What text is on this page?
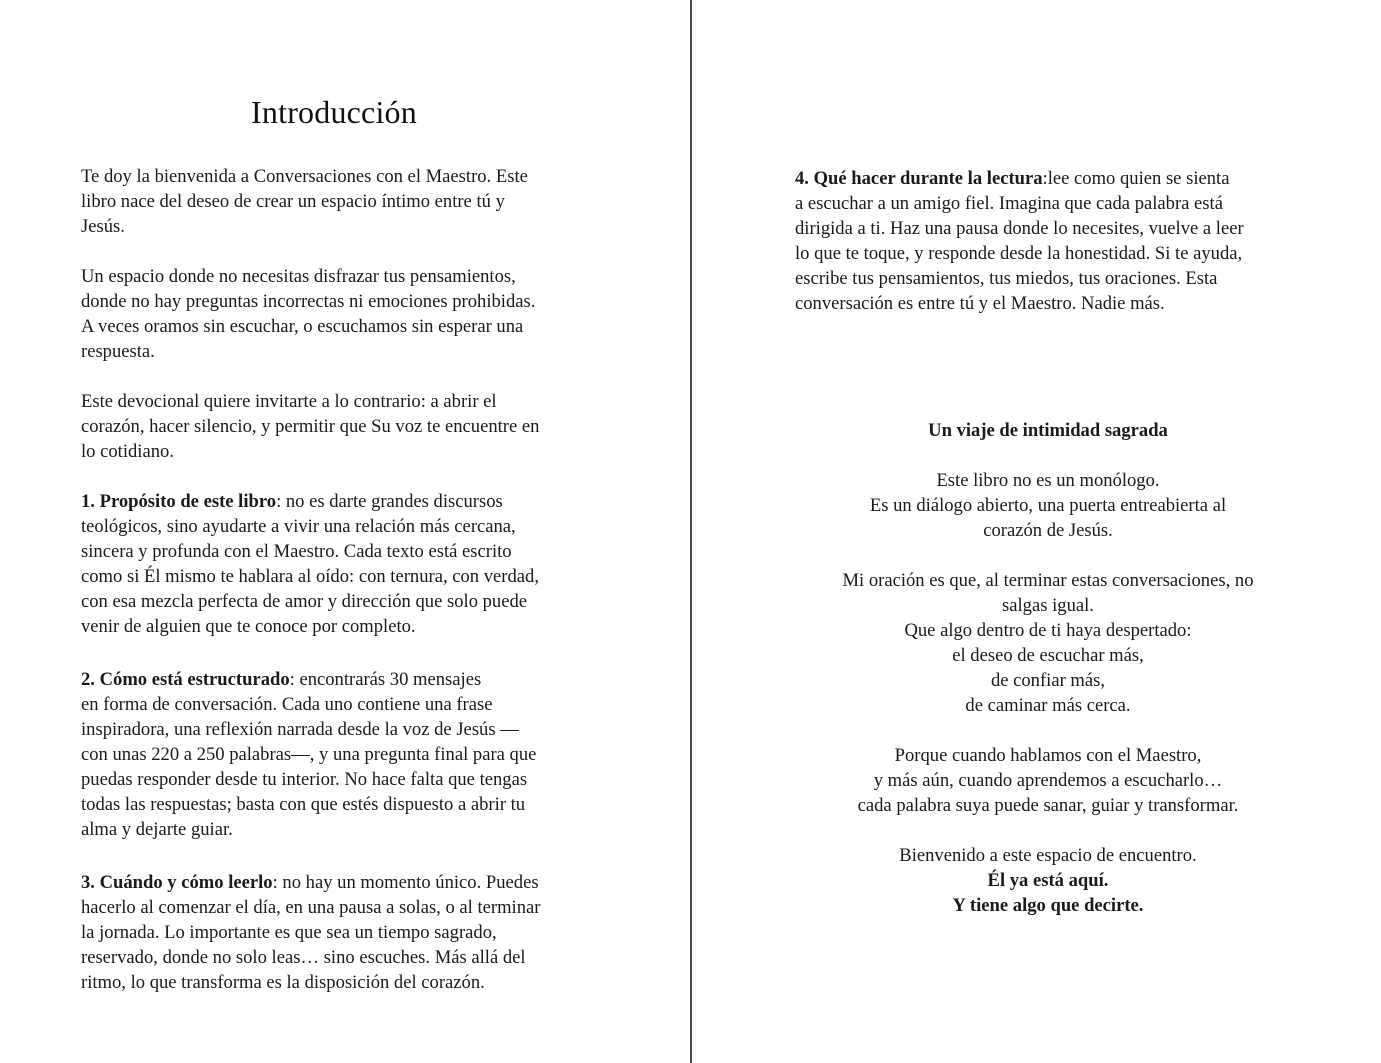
Introducción
Te doy la bienvenida a Conversaciones con el Maestro. Este
libro nace del deseo de crear un espacio íntimo entre tú y
Jesús.
Un espacio donde no necesitas disfrazar tus pensamientos,
donde no hay preguntas incorrectas ni emociones prohibidas.
A veces oramos sin escuchar, o escuchamos sin esperar una
respuesta.
Este devocional quiere invitarte a lo contrario: a abrir el
corazón, hacer silencio, y permitir que Su voz te encuentre en
lo cotidiano.
1. Propósito de este libro: no es darte grandes discursos
teológicos, sino ayudarte a vivir una relación más cercana,
sincera y profunda con el Maestro. Cada texto está escrito
como si Él mismo te hablara al oído: con ternura, con verdad,
con esa mezcla perfecta de amor y dirección que solo puede
venir de alguien que te conoce por completo.
2. Cómo está estructurado: encontrarás 30 mensajes
en forma de conversación. Cada uno contiene una frase
inspiradora, una reflexión narrada desde la voz de Jesús —
con unas 220 a 250 palabras—, y una pregunta final para que
puedas responder desde tu interior. No hace falta que tengas
todas las respuestas; basta con que estés dispuesto a abrir tu
alma y dejarte guiar.
3. Cuándo y cómo leerlo: no hay un momento único. Puedes
hacerlo al comenzar el día, en una pausa a solas, o al terminar
la jornada. Lo importante es que sea un tiempo sagrado,
reservado, donde no solo leas… sino escuches. Más allá del
ritmo, lo que transforma es la disposición del corazón.
4. Qué hacer durante la lectura:lee como quien se sienta
a escuchar a un amigo fiel. Imagina que cada palabra está
dirigida a ti. Haz una pausa donde lo necesites, vuelve a leer
lo que te toque, y responde desde la honestidad. Si te ayuda,
escribe tus pensamientos, tus miedos, tus oraciones. Esta
conversación es entre tú y el Maestro. Nadie más.
Un viaje de intimidad sagrada
Este libro no es un monólogo.
Es un diálogo abierto, una puerta entreabierta al
corazón de Jesús.
Mi oración es que, al terminar estas conversaciones, no
salgas igual.
Que algo dentro de ti haya despertado:
el deseo de escuchar más,
de confiar más,
de caminar más cerca.
Porque cuando hablamos con el Maestro,
y más aún, cuando aprendemos a escucharlo…
cada palabra suya puede sanar, guiar y transformar.
Bienvenido a este espacio de encuentro.
Él ya está aquí.
Y tiene algo que decirte.
